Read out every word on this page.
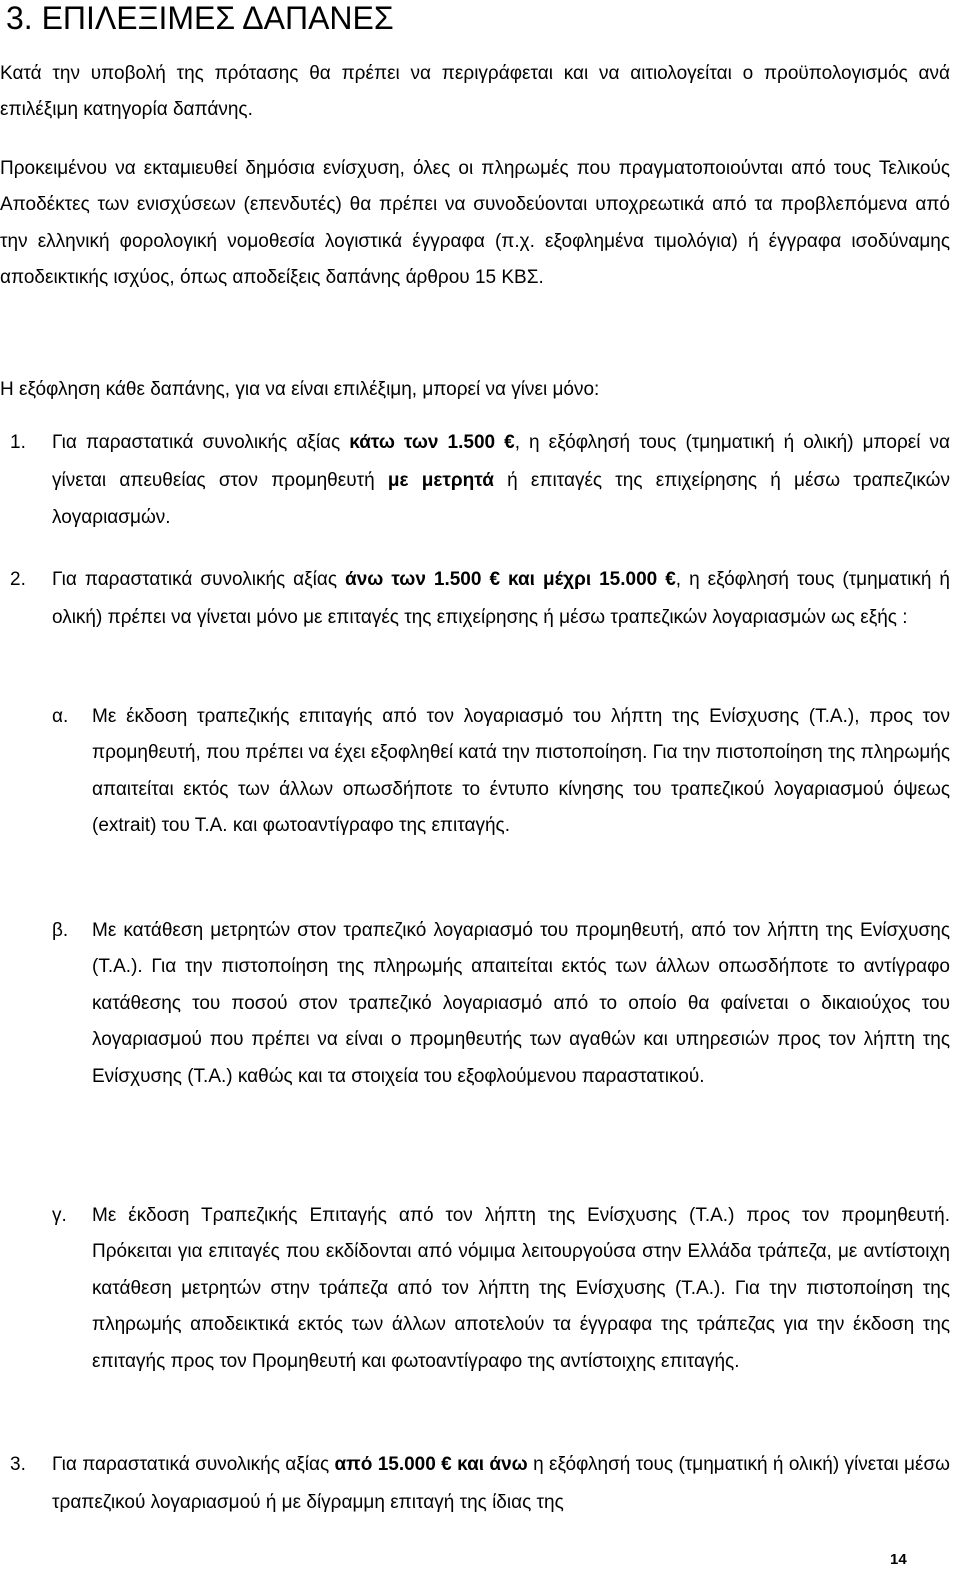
3. ΕΠΙΛΕΞΙΜΕΣ ΔΑΠΑΝΕΣ

Κατά την υποβολή της πρότασης θα πρέπει να περιγράφεται και να αιτιολογείται ο προϋπολογισμός ανά επιλέξιμη κατηγορία δαπάνης.

Προκειμένου να εκταμιευθεί δημόσια ενίσχυση, όλες οι πληρωμές που πραγματοποιούνται από τους Τελικούς Αποδέκτες των ενισχύσεων (επενδυτές) θα πρέπει να συνοδεύονται υποχρεωτικά από τα προβλεπόμενα από την ελληνική φορολογική νομοθεσία λογιστικά έγγραφα (π.χ. εξοφλημένα τιμολόγια) ή έγγραφα ισοδύναμης αποδεικτικής ισχύος, όπως αποδείξεις δαπάνης άρθρου 15 ΚΒΣ.

Η εξόφληση κάθε δαπάνης, για να είναι επιλέξιμη, μπορεί να γίνει μόνο:

1. Για παραστατικά συνολικής αξίας κάτω των 1.500 €, η εξόφλησή τους (τμηματική ή ολική) μπορεί να γίνεται απευθείας στον προμηθευτή με μετρητά ή επιταγές της επιχείρησης ή μέσω τραπεζικών λογαριασμών.
2. Για παραστατικά συνολικής αξίας άνω των 1.500 € και μέχρι 15.000 €, η εξόφλησή τους (τμηματική ή ολική) πρέπει να γίνεται μόνο με επιταγές της επιχείρησης ή μέσω τραπεζικών λογαριασμών ως εξής :
α. Με έκδοση τραπεζικής επιταγής από τον λογαριασμό του λήπτη της Ενίσχυσης (Τ.Α.), προς τον προμηθευτή, που πρέπει να έχει εξοφληθεί κατά την πιστοποίηση. Για την πιστοποίηση της πληρωμής απαιτείται εκτός των άλλων οπωσδήποτε το έντυπο κίνησης του τραπεζικού λογαριασμού όψεως (extrait) του Τ.Α. και φωτοαντίγραφο της επιταγής.
β. Με κατάθεση μετρητών στον τραπεζικό λογαριασμό του προμηθευτή, από τον λήπτη της Ενίσχυσης (Τ.Α.). Για την πιστοποίηση της πληρωμής απαιτείται εκτός των άλλων οπωσδήποτε το αντίγραφο κατάθεσης του ποσού στον τραπεζικό λογαριασμό από το οποίο θα φαίνεται ο δικαιούχος του λογαριασμού που πρέπει να είναι ο προμηθευτής των αγαθών και υπηρεσιών προς τον λήπτη της Ενίσχυσης (Τ.Α.) καθώς και τα στοιχεία του εξοφλούμενου παραστατικού.
γ. Με έκδοση Τραπεζικής Επιταγής από τον λήπτη της Ενίσχυσης (Τ.Α.) προς τον προμηθευτή. Πρόκειται για επιταγές που εκδίδονται από νόμιμα λειτουργούσα στην Ελλάδα τράπεζα, με αντίστοιχη κατάθεση μετρητών στην τράπεζα από τον λήπτη της Ενίσχυσης (Τ.Α.). Για την πιστοποίηση της πληρωμής αποδεικτικά εκτός των άλλων αποτελούν τα έγγραφα της τράπεζας για την έκδοση της επιταγής προς τον Προμηθευτή και φωτοαντίγραφο της αντίστοιχης επιταγής.
3. Για παραστατικά συνολικής αξίας από 15.000 € και άνω η εξόφλησή τους (τμηματική ή ολική) γίνεται μέσω τραπεζικού λογαριασμού ή με δίγραμμη επιταγή της ίδιας της
14
